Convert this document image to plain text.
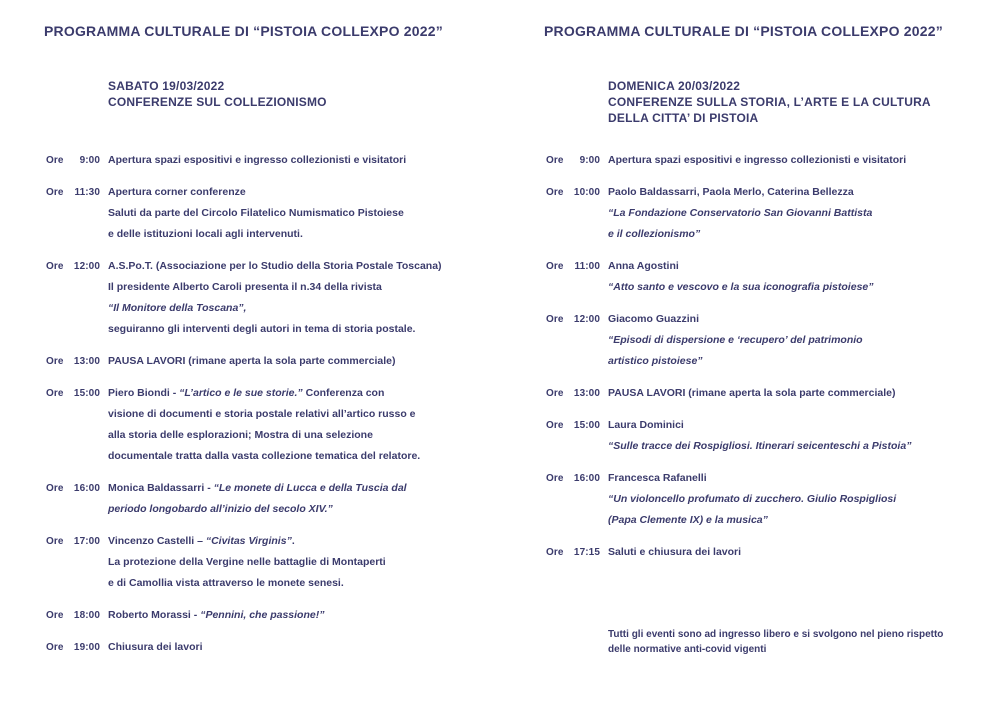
PROGRAMMA CULTURALE DI “PISTOIA COLLEXPO 2022”
SABATO 19/03/2022
CONFERENZE SUL COLLEZIONISMO
Ore 9:00 Apertura spazi espositivi e ingresso collezionisti e visitatori
Ore 11:30 Apertura corner conferenze
Saluti da parte del Circolo Filatelico Numismatico Pistoiese
e delle istituzioni locali agli intervenuti.
Ore 12:00 A.S.Po.T. (Associazione per lo Studio della Storia Postale Toscana)
Il presidente Alberto Caroli presenta il n.34 della rivista
“Il Monitore della Toscana”,
seguiranno gli interventi degli autori in tema di storia postale.
Ore 13:00 PAUSA LAVORI (rimane aperta la sola parte commerciale)
Ore 15:00 Piero Biondi - “L’artico e le sue storie.” Conferenza con
visione di documenti e storia postale relativi all’artico russo e
alla storia delle esplorazioni; Mostra di una selezione
documentale tratta dalla vasta collezione tematica del relatore.
Ore 16:00 Monica Baldassarri - “Le monete di Lucca e della Tuscia dal
periodo longobardo all’inizio del secolo XIV.”
Ore 17:00 Vincenzo Castelli – “Civitas Virginis”.
La protezione della Vergine nelle battaglie di Montaperti
e di Camollia vista attraverso le monete senesi.
Ore 18:00 Roberto Morassi - “Pennini, che passione!”
Ore 19:00 Chiusura dei lavori
PROGRAMMA CULTURALE DI “PISTOIA COLLEXPO 2022”
DOMENICA 20/03/2022
CONFERENZE SULLA STORIA, L’ARTE E LA CULTURA
DELLA CITTA’ DI PISTOIA
Ore 9:00 Apertura spazi espositivi e ingresso collezionisti e visitatori
Ore 10:00 Paolo Baldassarri, Paola Merlo, Caterina Bellezza
“La Fondazione Conservatorio San Giovanni Battista
e il collezionismo”
Ore 11:00 Anna Agostini
“Atto santo e vescovo e la sua iconografia pistoiese”
Ore 12:00 Giacomo Guazzini
“Episodi di dispersione e ‘recupero’ del patrimonio
artistico pistoiese”
Ore 13:00 PAUSA LAVORI (rimane aperta la sola parte commerciale)
Ore 15:00 Laura Dominici
“Sulle tracce dei Rospigliosi. Itinerari seicenteschi a Pistoia”
Ore 16:00 Francesca Rafanelli
“Un violoncello profumato di zucchero. Giulio Rospigliosi
(Papa Clemente IX) e la musica”
Ore 17:15 Saluti e chiusura dei lavori
Tutti gli eventi sono ad ingresso libero e si svolgono nel pieno rispetto
delle normative anti-covid vigenti
